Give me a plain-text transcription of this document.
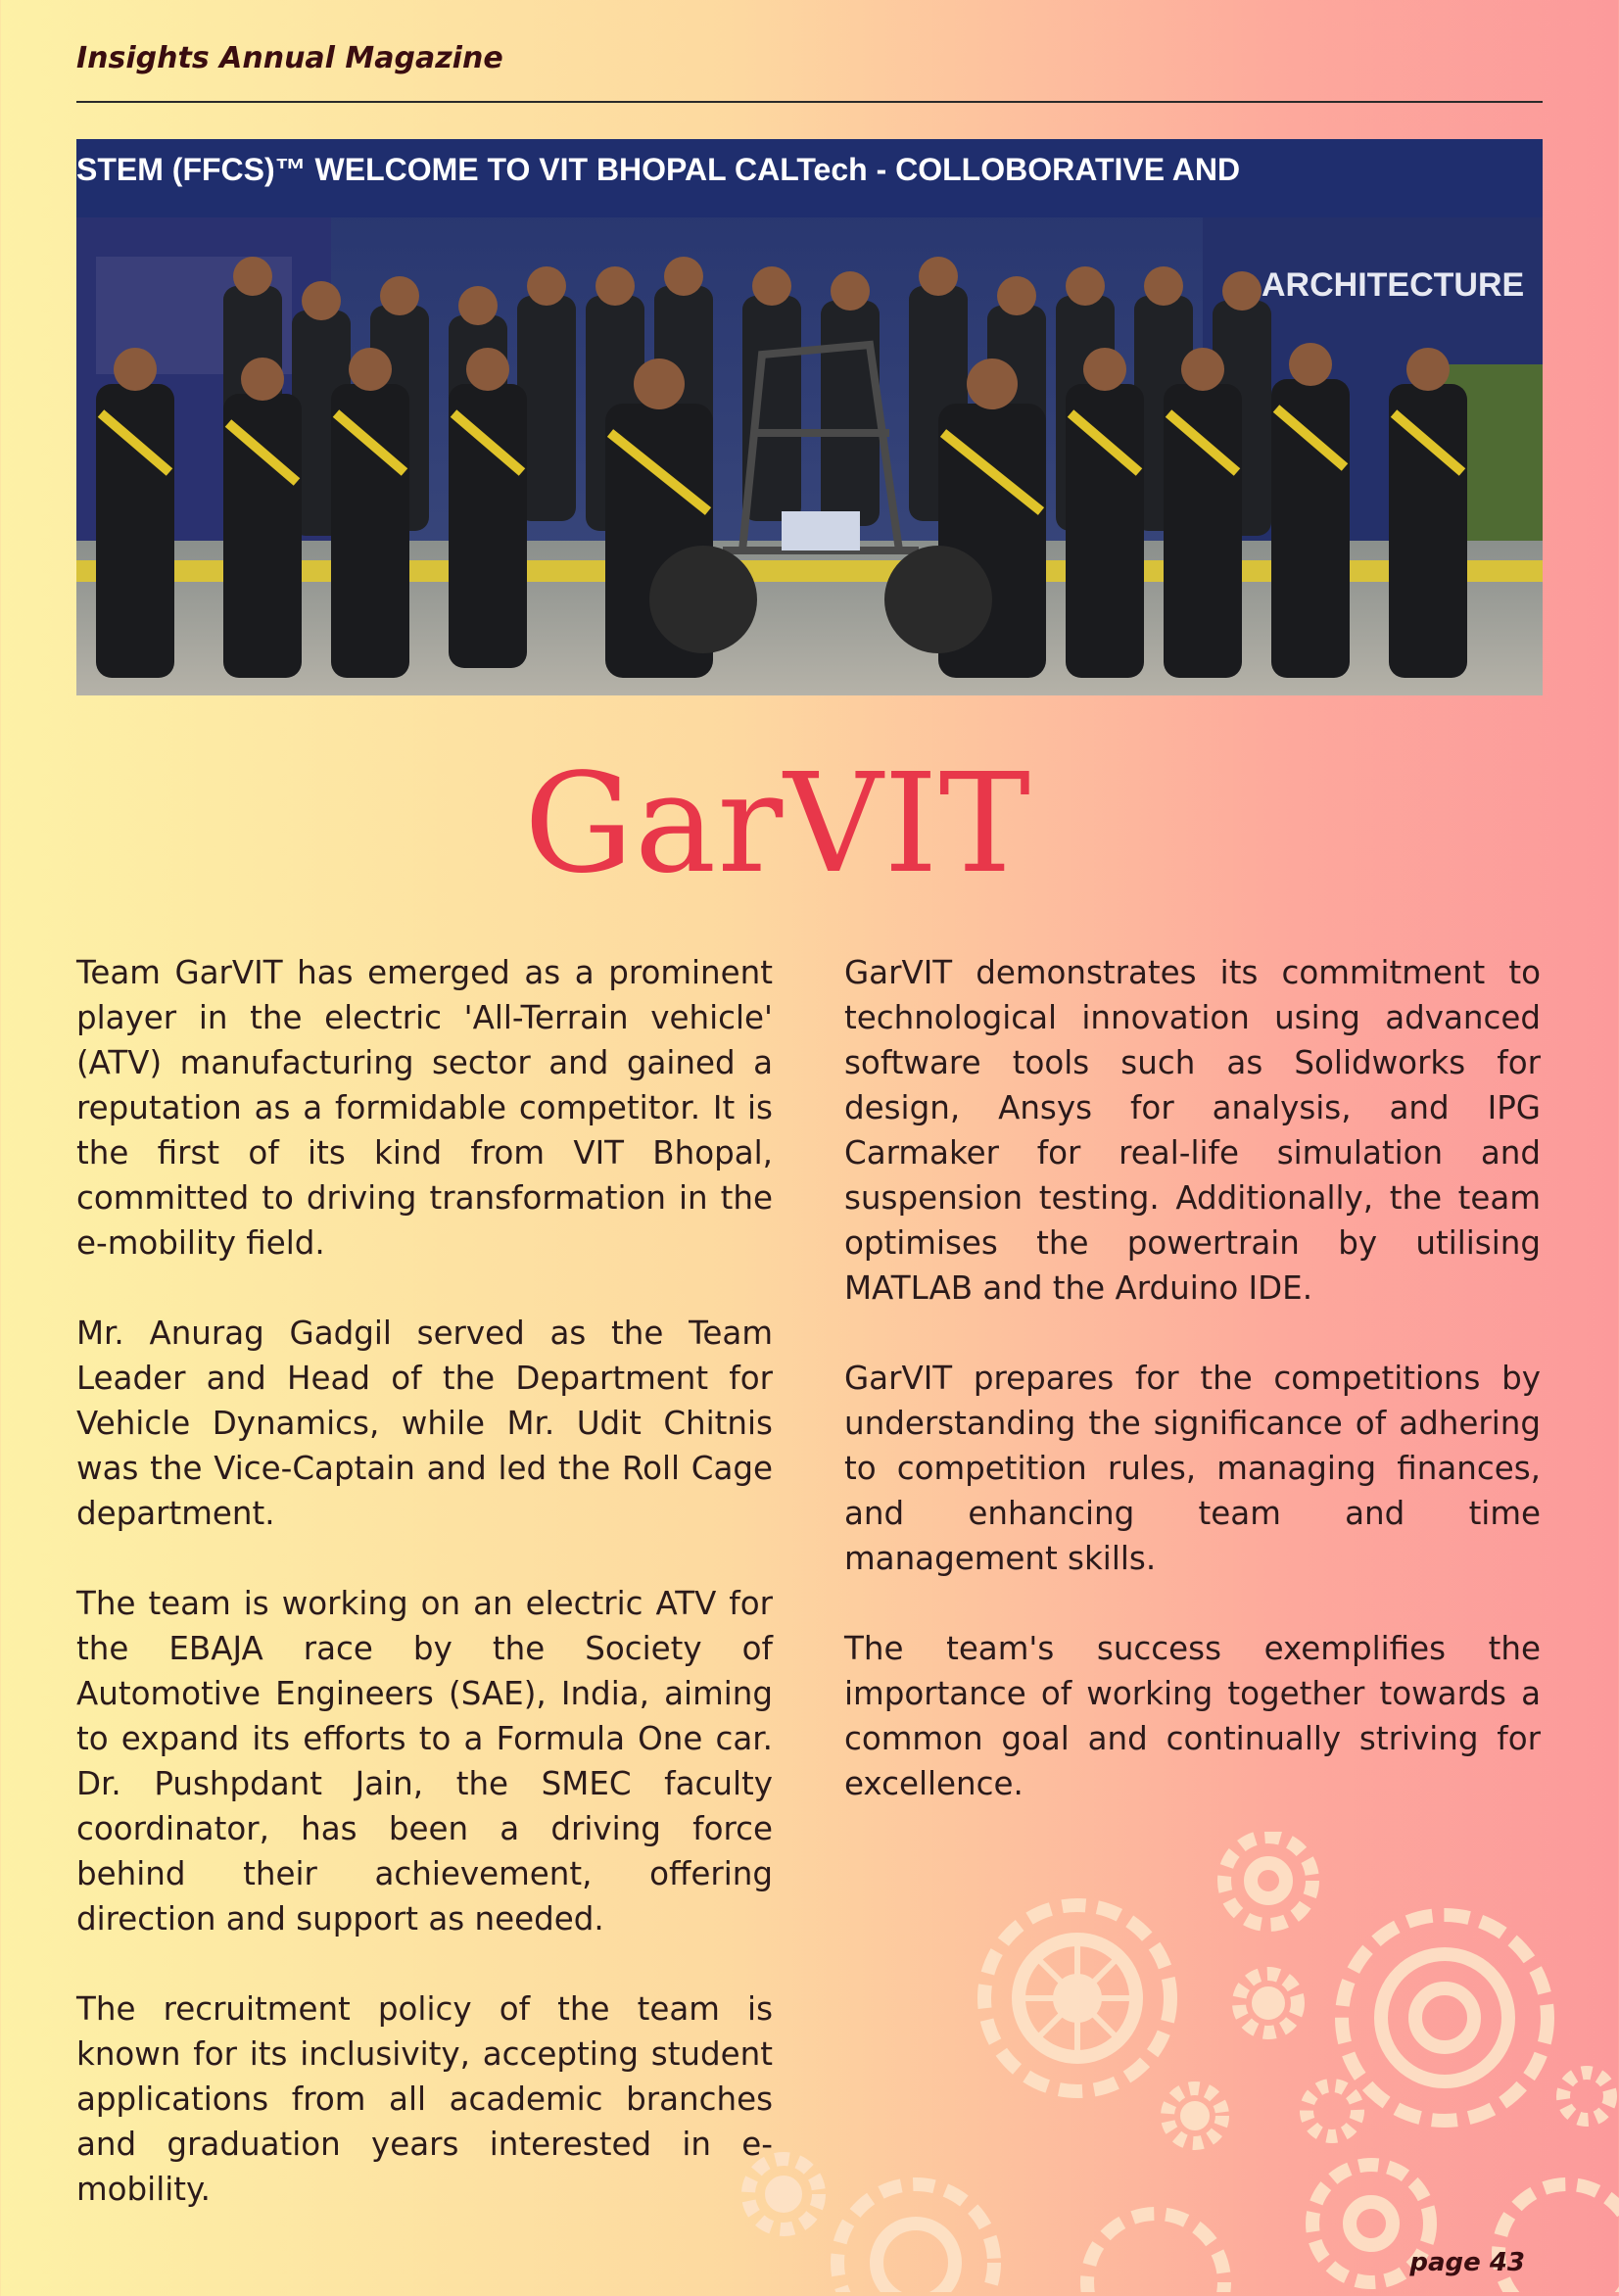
Insights Annual Magazine
STEM (FFCS)™ WELCOME TO VIT BHOPAL CALTech - COLLOBORATIVE AND
ARCHITECTURE
GarVIT

Team GarVIT has emerged as a prominent player in the electric 'All-Terrain vehicle' (ATV) manufacturing sector and gained a reputation as a formidable competitor. It is the first of its kind from VIT Bhopal, committed to driving transformation in the e-mobility field.

Mr. Anurag Gadgil served as the Team Leader and Head of the Department for Vehicle Dynamics, while Mr. Udit Chitnis was the Vice-Captain and led the Roll Cage department.

The team is working on an electric ATV for the EBAJA race by the Society of Automotive Engineers (SAE), India, aiming to expand its efforts to a Formula One car. Dr. Pushpdant Jain, the SMEC faculty coordinator, has been a driving force behind their achievement, offering direction and support as needed.

The recruitment policy of the team is known for its inclusivity, accepting student applications from all academic branches and graduation years interested in e-mobility.

GarVIT demonstrates its commitment to technological innovation using advanced software tools such as Solidworks for design, Ansys for analysis, and IPG Carmaker for real-life simulation and suspension testing. Additionally, the team optimises the powertrain by utilising MATLAB and the Arduino IDE.

GarVIT prepares for the competitions by understanding the significance of adhering to competition rules, managing finances, and enhancing team and time management skills.

The team's success exemplifies the importance of working together towards a common goal and continually striving for excellence.

page 43
